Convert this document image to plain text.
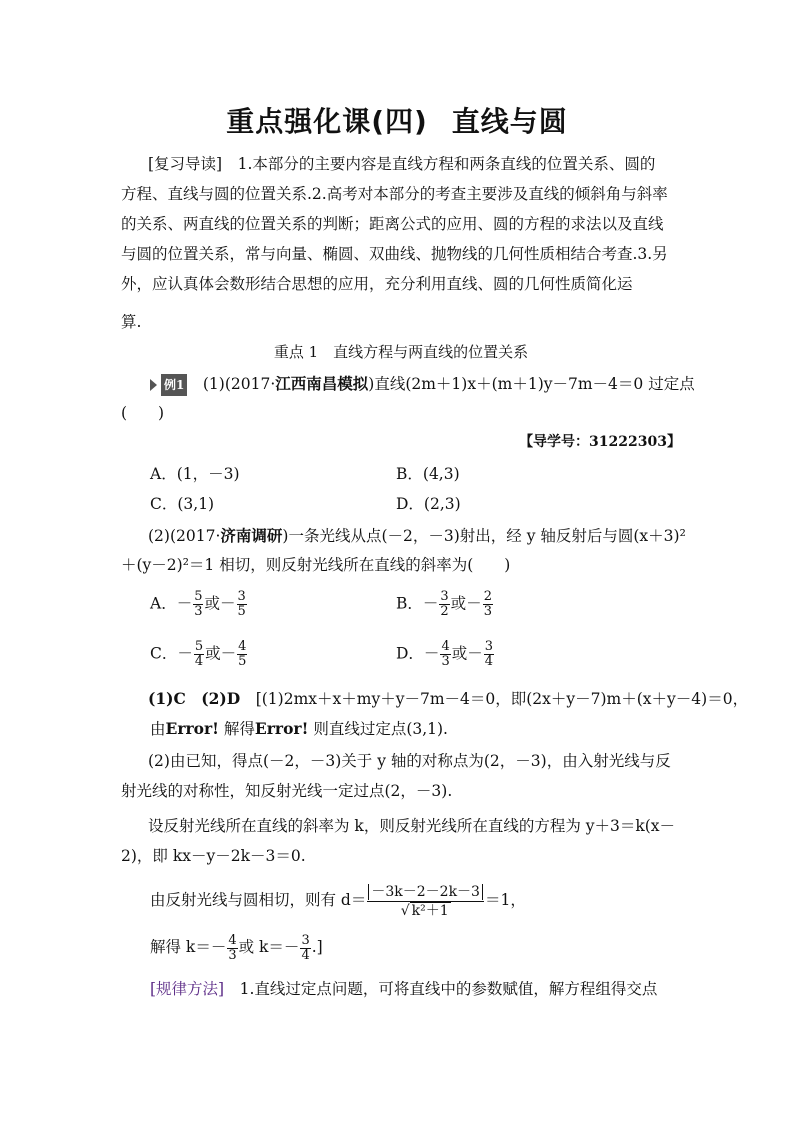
重点强化课(四) 直线与圆
[复习导读]　 1.本部分的主要内容是直线方程和两条直线的位置关系、圆的
方程、直线与圆的位置关系.2.高考对本部分的考查主要涉及直线的倾斜角与斜率
的关系、两直线的位置关系的判断；距离公式的应用、圆的方程的求法以及直线
与圆的位置关系，常与向量、椭圆、双曲线、抛物线的几何性质相结合考查.3.另
外，应认真体会数形结合思想的应用，充分利用直线、圆的几何性质简化运
算.
重点 1　直线方程与两直线的位置关系
例1　 (1)(2017·江西南昌模拟)直线(2m＋1)x＋(m＋1)y－7m－4＝0 过定点
(　　)
【导学号：31222303】
A．(1，－3)	B．(4,3)
C．(3,1)	D．(2,3)
(2)(2017·济南调研)一条光线从点(－2，－3)射出，经 y 轴反射后与圆(x＋3)²
＋(y－2)²＝1 相切，则反射光线所在直线的斜率为(　　)
A．－ $\frac{5}{3}$ 或－ $\frac{3}{5}$	B．－ $\frac{3}{2}$ 或－ $\frac{2}{3}$
C．－ $\frac{5}{4}$ 或－ $\frac{4}{5}$	D．－ $\frac{4}{3}$ 或－ $\frac{3}{4}$
(1)C　(2)D　 [(1)2mx＋x＋my＋y－7m－4＝0，即(2x＋y－7)m＋(x＋y－4)＝0，
由Error! 解得Error! 则直线过定点(3,1).
(2)由已知，得点(－2，－3)关于 y 轴的对称点为(2，－3)，由入射光线与反
射光线的对称性，知反射光线一定过点(2，－3).
设反射光线所在直线的斜率为 k，则反射光线所在直线的方程为 y＋3＝k(x－
2)，即 kx－y－2k－3＝0.
由反射光线与圆相切，则有 $d= \frac{-3k-2-2k-3}{\text{√ k²＋1}} =1$，
解得 $k=- \frac{4}{3}$ 或 $k=- \frac{3}{4}$ .]
[规律方法]　 1.直线过定点问题，可将直线中的参数赋值，解方程组得交点
